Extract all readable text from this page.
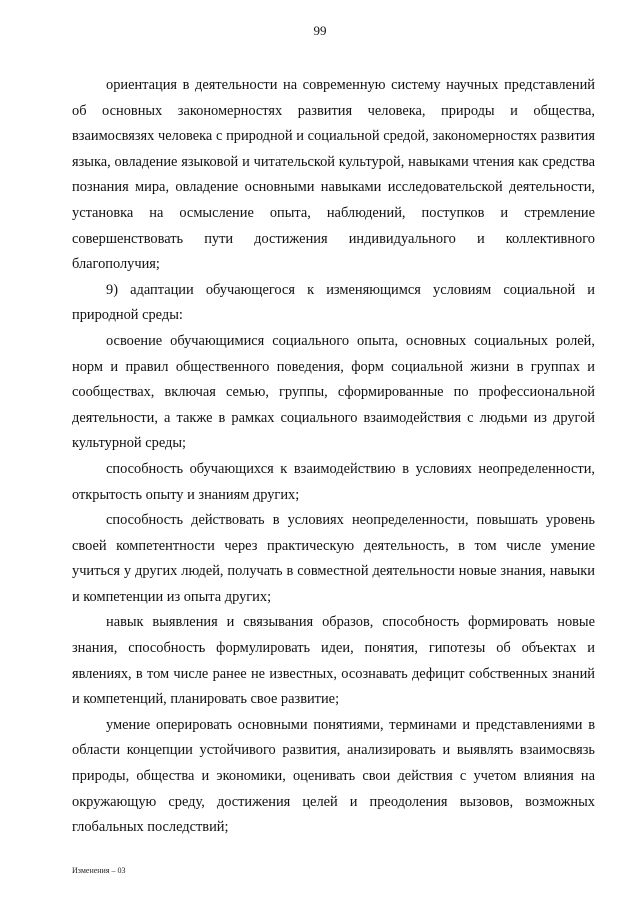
99

ориентация в деятельности на современную систему научных представлений об основных закономерностях развития человека, природы и общества, взаимосвязях человека с природной и социальной средой, закономерностях развития языка, овладение языковой и читательской культурой, навыками чтения как средства познания мира, овладение основными навыками исследовательской деятельности, установка на осмысление опыта, наблюдений, поступков и стремление совершенствовать пути достижения индивидуального и коллективного благополучия;

9) адаптации обучающегося к изменяющимся условиям социальной и природной среды:

освоение обучающимися социального опыта, основных социальных ролей, норм и правил общественного поведения, форм социальной жизни в группах и сообществах, включая семью, группы, сформированные по профессиональной деятельности, а также в рамках социального взаимодействия с людьми из другой культурной среды;

способность обучающихся к взаимодействию в условиях неопределенности, открытость опыту и знаниям других;

способность действовать в условиях неопределенности, повышать уровень своей компетентности через практическую деятельность, в том числе умение учиться у других людей, получать в совместной деятельности новые знания, навыки и компетенции из опыта других;

навык выявления и связывания образов, способность формировать новые знания, способность формулировать идеи, понятия, гипотезы об объектах и явлениях, в том числе ранее не известных, осознавать дефицит собственных знаний и компетенций, планировать свое развитие;

умение оперировать основными понятиями, терминами и представлениями в области концепции устойчивого развития, анализировать и выявлять взаимосвязь природы, общества и экономики, оценивать свои действия с учетом влияния на окружающую среду, достижения целей и преодоления вызовов, возможных глобальных последствий;

Изменения – 03
